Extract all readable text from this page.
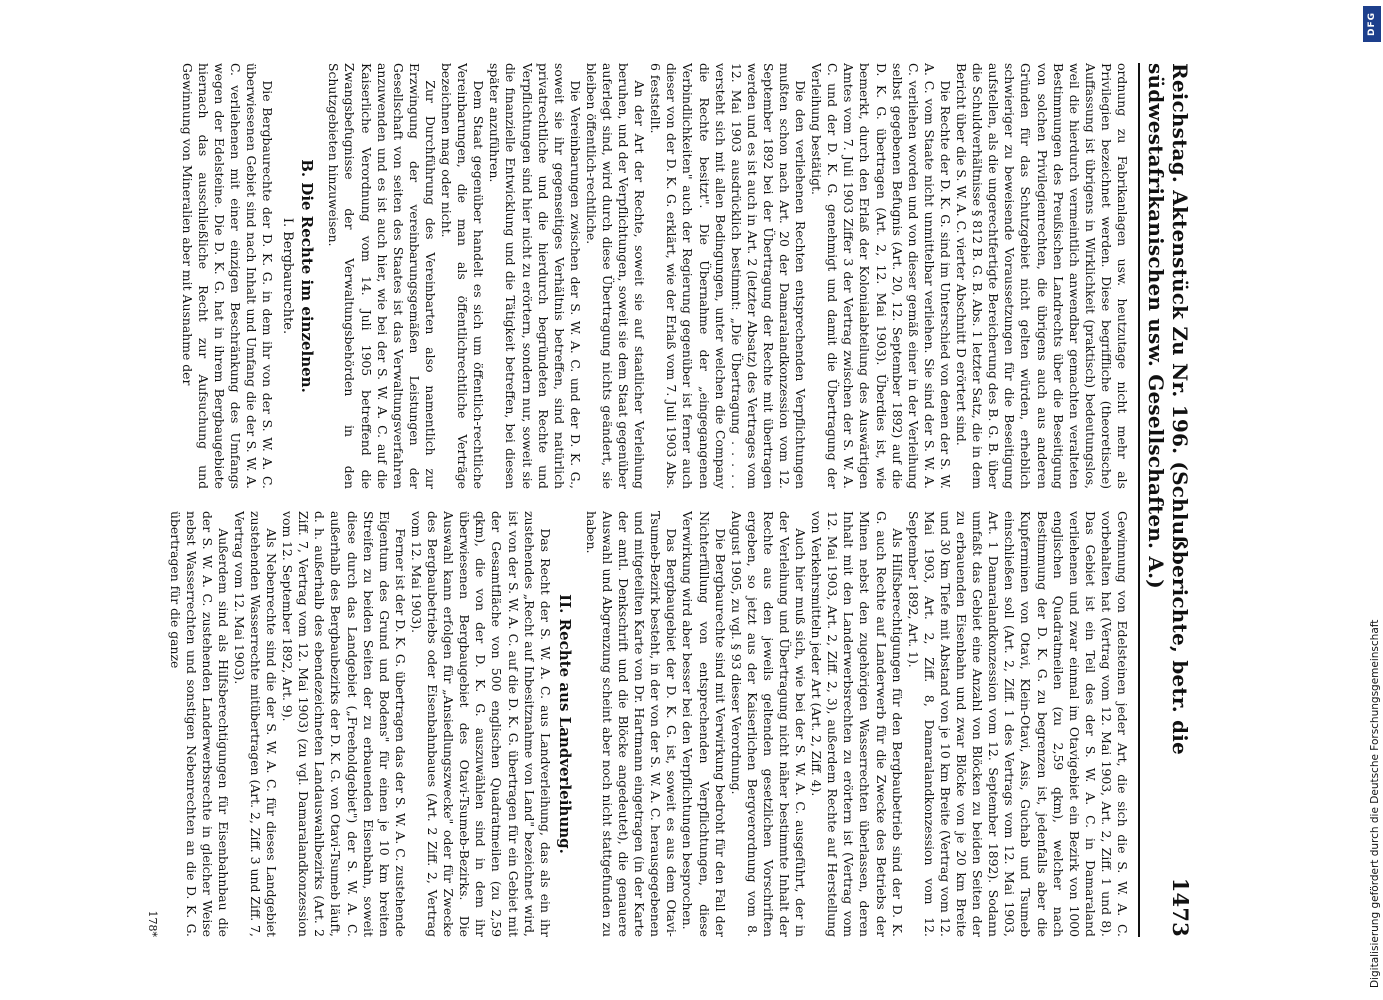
Reichstag. Aktenstück Zu Nr. 196. (Schlußberichte, betr. die südwestafrikanischen usw. Gesellschaften. A.)
1473

ordnung zu Fabrikanlagen usw. heutzutage nicht mehr als Privilegien bezeichnet werden. Diese begriffliche (theoretische) Auffassung ist übrigens in Wirklichkeit (praktisch) bedeutungslos, weil die hierdurch vermeintlich anwendbar gemachten veralteten Bestimmungen des Preußischen Landrechts über die Beseitigung von solchen Privilegienrechten, die übrigens auch aus anderen Gründen für das Schutzgebiet nicht gelten würden, erheblich schwieriger zu beweisende Voraussetzungen für die Beseitigung aufstellen, als die ungerechtfertigte Bereicherung des B. G. B. über die Schuldverhältnisse § 812 B. G. B. Abs. 1 letzter Satz, die in dem Bericht über die S. W. A. C. vierter Abschnitt D erörtert sind.

Die Rechte der D. K. G. sind im Unterschied von denen der S. W. A. C. vom Staate nicht unmittelbar verliehen. Sie sind der S. W. A. C. verliehen worden und von dieser gemäß einer in der Verleihung selbst gegebenen Befugnis (Art. 20, 12. September 1892) auf die D. K. G. übertragen (Art. 2, 12. Mai 1903). Überdies ist, wie bemerkt, durch den Erlaß der Kolonialabteilung des Auswärtigen Amtes vom 7. Juli 1903 Ziffer 3 der Vertrag zwischen der S. W. A. C. und der D. K. G. genehmigt und damit die Übertragung der Verleihung bestätigt.

Die den verliehenen Rechten entsprechenden Verpflichtungen mußten schon nach Art. 20 der Damaralandkonzession vom 12. September 1892 bei der Übertragung der Rechte mit übertragen werden und es ist auch in Art. 2 (letzter Absatz) des Vertrages vom 12. Mai 1903 ausdrücklich bestimmt: „Die Übertragung . . . . . versteht sich mit allen Bedingungen, unter welchen die Company die Rechte besitzt". Die Übernahme der „eingegangenen Verbindlichkeiten" auch der Regierung gegenüber ist ferner auch dieser von der D. K. G. erklärt, wie der Erlaß vom 7. Juli 1903 Abs. 6 feststellt.

An der Art der Rechte, soweit sie auf staatlicher Verleihung beruhen, und der Verpflichtungen, soweit sie dem Staat gegenüber auferlegt sind, wird durch diese Übertragung nichts geändert, sie bleiben öffentlich-rechtliche.

Die Vereinbarungen zwischen der S. W. A. C. und der D. K. G., soweit sie ihr gegenseitiges Verhältnis betreffen, sind natürlich privatrechtliche und die hierdurch begründeten Rechte und Verpflichtungen sind hier nicht zu erörtern, sondern nur, soweit sie die finanzielle Entwicklung und die Tätigkeit betreffen, bei diesen später anzuführen.

Dem Staat gegenüber handelt es sich um öffentlich-rechtliche Vereinbarungen, die man als öffentlichrechtliche Verträge bezeichnen mag oder nicht.

Zur Durchführung des Vereinbarten also namentlich zur Erzwingung der vereinbarungsgemäßen Leistungen der Gesellschaft von seiten des Staates ist das Verwaltungsverfahren anzuwenden und es ist auch hier, wie bei der S. W. A. C. auf die Kaiserliche Verordnung vom 14. Juli 1905 betreffend die Zwangsbefugnisse der Verwaltungsbehörden in den Schutzgebieten hinzuweisen.

B. Die Rechte im einzelnen.
I. Bergbaurechte.

Die Bergbaurechte der D. K. G. in dem ihr von der S. W. A. C. überwiesenen Gebiet sind nach Inhalt und Umfang die der S. W. A. C. verliehenen mit einer einzigen Beschränkung des Umfangs wegen der Edelsteine. Die D. K. G. hat in ihrem Bergbaugebiete hiernach das ausschließliche Recht zur Aufsuchung und Gewinnung von Mineralien aber mit Ausnahme der

Gewinnung von Edelsteinen jeder Art, die sich die S. W. A. C. vorbehalten hat (Vertrag vom 12. Mai 1903, Art. 2, Ziff. 1 und 8). Das Gebiet ist ein Teil des der S. W. A. C. in Damaraland verliehenen und zwar einmal im Otavigebiet ein Bezirk von 1000 englischen Quadratmeilen (zu 2,59 qkm), welcher nach Bestimmung der D. K. G. zu begrenzen ist, jedenfalls aber die Kupferminen von Otavi, Klein-Otavi, Asis, Guchab und Tsumeb einschließen soll (Art. 2, Ziff. 1 des Vertrags vom 12. Mai 1903, Art. 1 Damaralandkonzession vom 12. September 1892). Sodann umfaßt das Gebiet eine Anzahl von Blöcken zu beiden Seiten der zu erbauenden Eisenbahn und zwar Blöcke von je 20 km Breite und 30 km Tiefe mit Abstand von je 10 km Breite (Vertrag vom 12. Mai 1903, Art. 2, Ziff. 8, Damaralandkonzession vom 12. September 1892, Art. 1).

Als Hilfsberechtigungen für den Bergbaubetrieb sind der D. K. G. auch Rechte auf Landerwerb für die Zwecke des Betriebs der Minen nebst den zugehörigen Wasserrechten überlassen, deren Inhalt mit den Landerwerbsrechten zu erörtern ist (Vertrag vom 12. Mai 1903, Art. 2, Ziff. 2, 3), außerdem Rechte auf Herstellung von Verkehrsmitteln jeder Art (Art. 2, Ziff. 4).

Auch hier muß sich, wie bei der S. W. A. C. ausgeführt, der in der Verleihung und Übertragung nicht näher bestimmte Inhalt der Rechte aus den jeweils geltenden gesetzlichen Vorschriften ergeben, so jetzt aus der Kaiserlichen Bergverordnung vom 8. August 1905, zu vgl. § 93 dieser Verordnung.

Die Bergbaurechte sind mit Verwirkung bedroht für den Fall der Nichterfüllung von entsprechenden Verpflichtungen, diese Verwirkung wird aber besser bei den Verpflichtungen besprochen.

Das Bergbaugebiet der D. K. G. ist, soweit es aus dem Otavi-Tsumeb-Bezirk besteht, in der von der S. W. A. C. herausgegebenen und mitgeteilten Karte von Dr. Hartmann eingetragen (in der Karte der amtl. Denkschrift und die Blöcke angedeutet), die genauere Auswahl und Abgrenzung scheint aber noch nicht stattgefunden zu haben.

II. Rechte aus Landverleihung.

Das Recht der S. W. A. C. aus Landverleihung, das als ein ihr zustehendes „Recht auf Inbesitznahme von Land" bezeichnet wird, ist von der S. W. A. C. auf die D. K. G. übertragen für ein Gebiet mit der Gesamtfläche von 500 englischen Quadratmeilen (zu 2,59 qkm), die von der D. K. G. auszuwählen sind in dem ihr überwiesenen Bergbaugebiet des Otavi-Tsumeb-Bezirks. Die Auswahl kann erfolgen für „Ansiedlungszwecke" oder für Zwecke des Bergbaubetriebs oder Eisenbahnbaues (Art. 2 Ziff. 2, Vertrag vom 12. Mai 1903).

Ferner ist der D. K. G. übertragen das der S. W. A. C. zustehende Eigentum des Grund und Bodens" für einen je 10 km breiten Streifen zu beiden Seiten der zu erbauenden Eisenbahn, soweit diese durch das Landgebiet („Freeholdgebiet") der S. W. A. C. außerhalb des Bergbaubezirks der D. K. G. von Otavi-Tsumeb läuft, d. h. außerhalb des ebendezeichneten Landauswahlbezirks (Art. 2 Ziff. 7, Vertrag vom 12. Mai 1903) (zu vgl. Damaralandkonzession vom 12. September 1892, Art. 9).

Als Nebenrechte sind die der S. W. A. C. für dieses Landgebiet zustehenden Wasserrechte mitübertragen (Art. 2, Ziff. 3 und Ziff. 7, Vertrag vom 12. Mai 1903).

Außerdem sind als Hilfsberechtigungen für Eisenbahnbau die der S. W. A. C. zustehenden Landerwerbsrechte in gleicher Weise nebst Wasserrechten und sonstigen Nebenrechten an die D. K. G. übertragen für die ganze

178*
DFG
Digitalisierung gefördert durch die Deutsche Forschungsgemeinschaft
